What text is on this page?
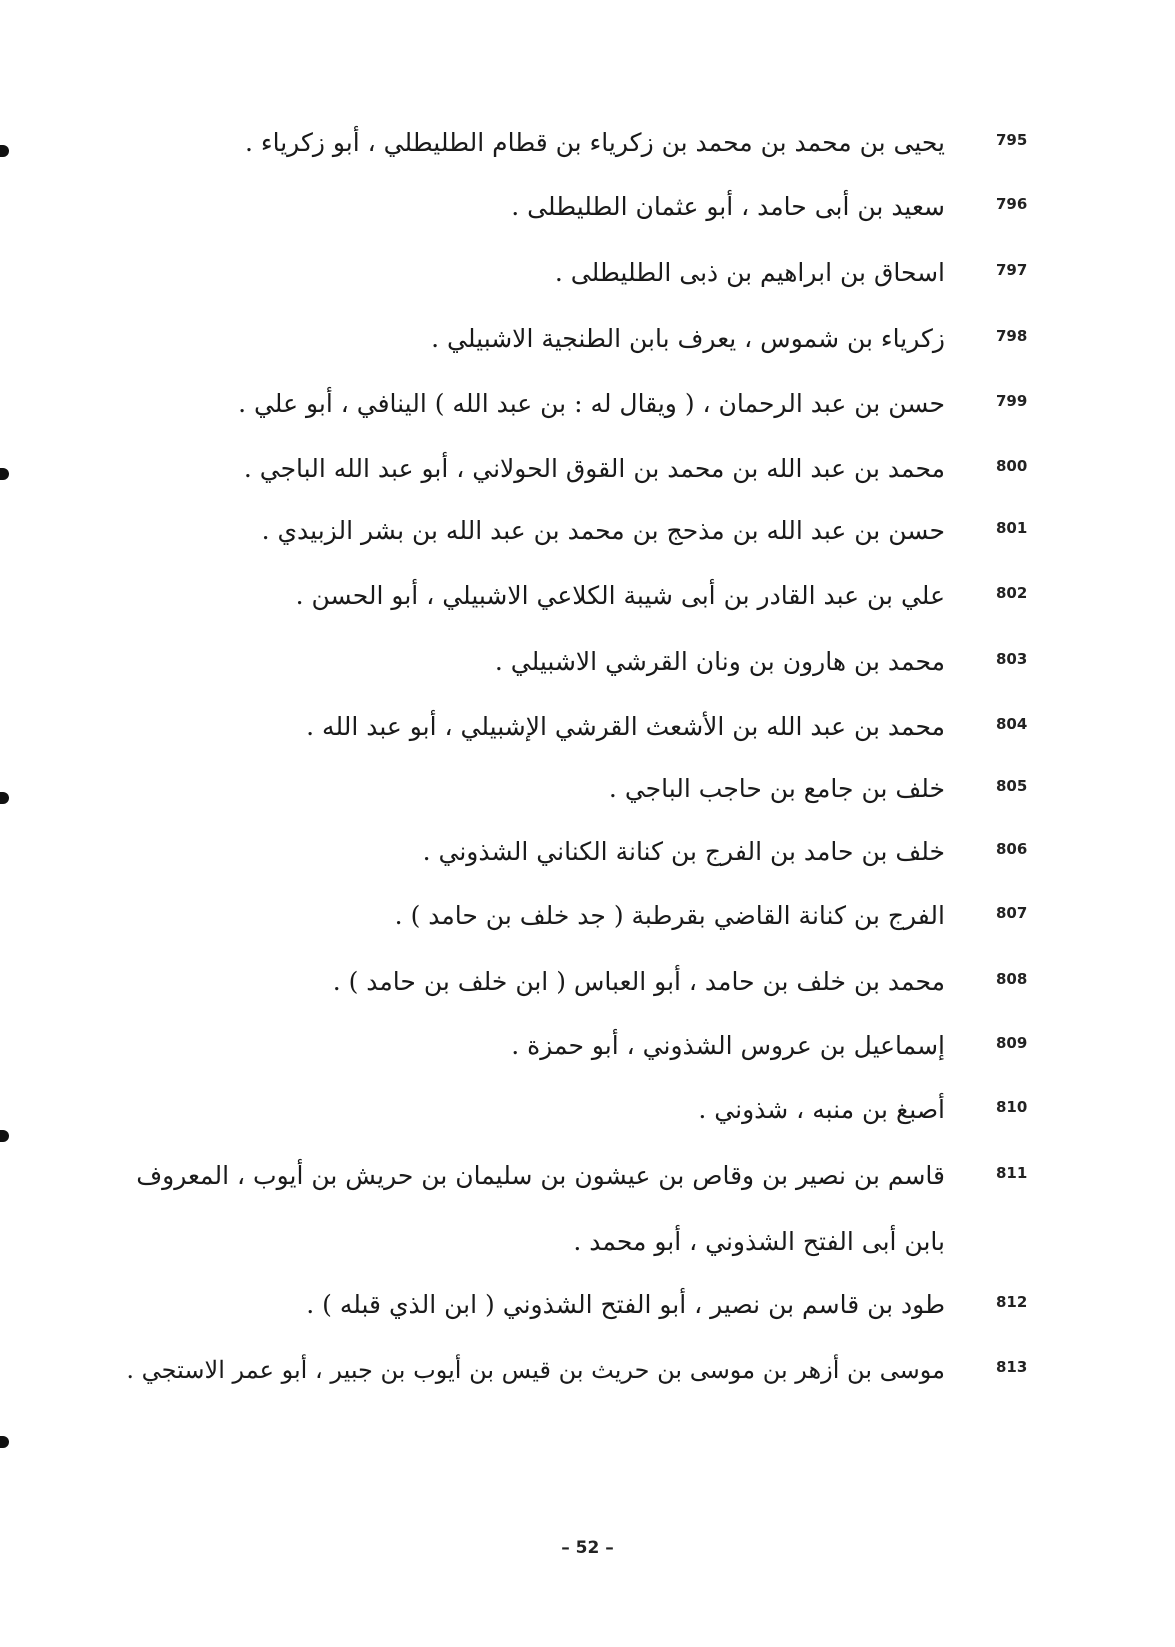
795
يحيى بن محمد بن محمد بن زكرياء بن قطام الطليطلي ، أبو زكرياء .
796
سعيد بن أبى حامد ، أبو عثمان الطليطلى .
797
اسحاق بن ابراهيم بن ذبى الطليطلى .
798
زكرياء بن شموس ، يعرف بابن الطنجية الاشبيلي .
799
حسن بن عبد الرحمان ، ( ويقال له : بن عبد الله ) الينافي ، أبو علي .
800
محمد بن عبد الله بن محمد بن القوق الحولاني ، أبو عبد الله الباجي .
801
حسن بن عبد الله بن مذحج بن محمد بن عبد الله بن بشر الزبيدي .
802
علي بن عبد القادر بن أبى شيبة الكلاعي الاشبيلي ، أبو الحسن .
803
محمد بن هارون بن ونان القرشي الاشبيلي .
804
محمد بن عبد الله بن الأشعث القرشي الإشبيلي ، أبو عبد الله .
805
خلف بن جامع بن حاجب الباجي .
806
خلف بن حامد بن الفرج بن كنانة الكناني الشذوني .
807
الفرج بن كنانة القاضي بقرطبة ( جد خلف بن حامد ) .
808
محمد بن خلف بن حامد ، أبو العباس ( ابن خلف بن حامد ) .
809
إسماعيل بن عروس الشذوني ، أبو حمزة .
810
أصبغ بن منبه ، شذوني .
811
قاسم بن نصير بن وقاص بن عيشون بن سليمان بن حريش بن أيوب ، المعروف
بابن أبى الفتح الشذوني ، أبو محمد .
812
طود بن قاسم بن نصير ، أبو الفتح الشذوني ( ابن الذي قبله ) .
813
موسى بن أزهر بن موسى بن حريث بن قيس بن أيوب بن جبير ، أبو عمر الاستجي .
– 52 –
